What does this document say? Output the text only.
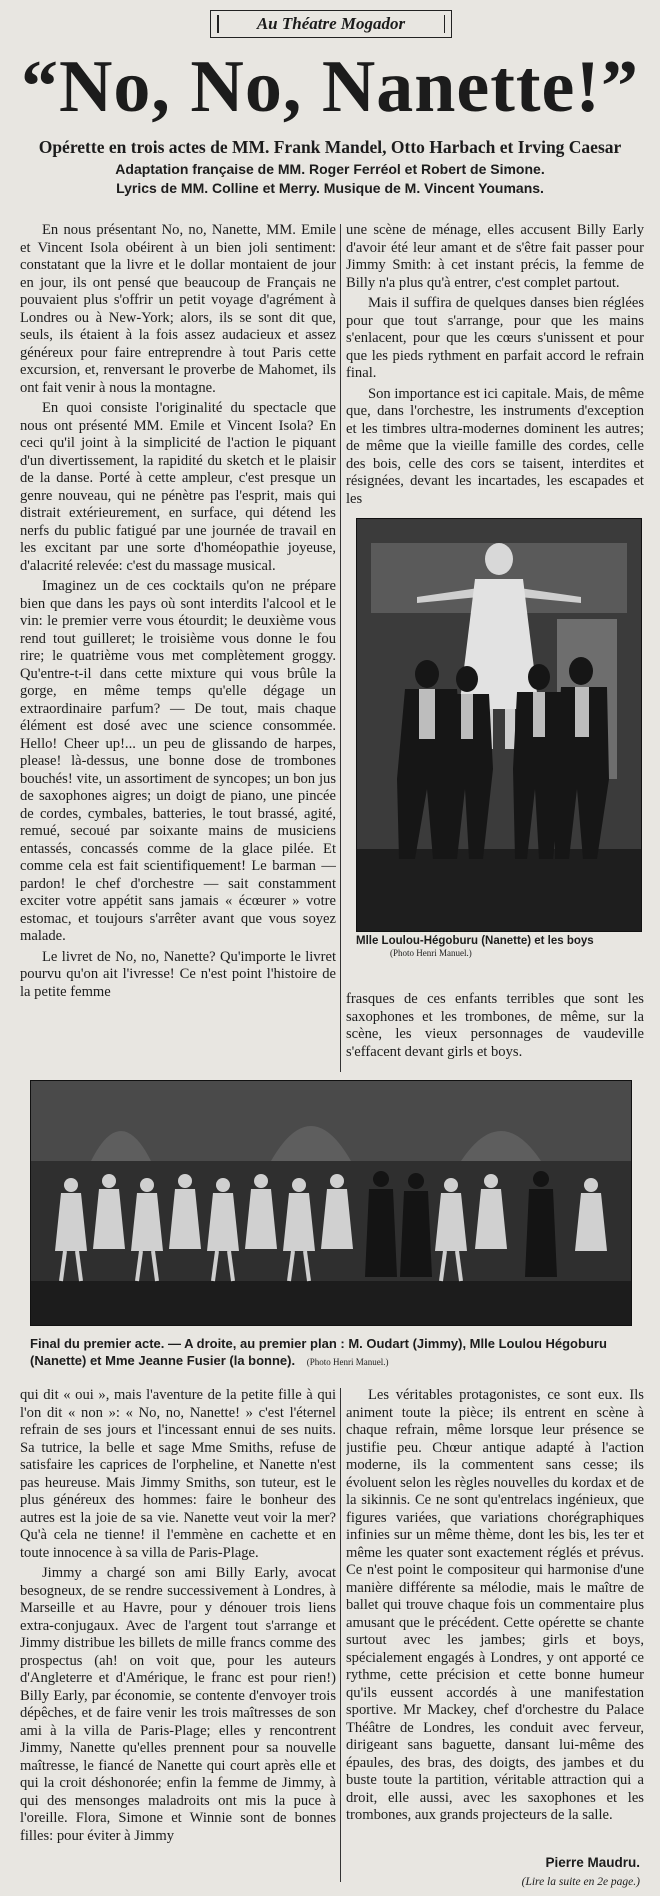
Au Théatre Mogador
“No, No, Nanette!”
Opérette en trois actes de MM. Frank Mandel, Otto Harbach et Irving Caesar
Adaptation française de MM. Roger Ferréol et Robert de Simone.
Lyrics de MM. Colline et Merry. Musique de M. Vincent Youmans.

En nous présentant No, no, Nanette, MM. Emile et Vincent Isola obéirent à un bien joli sentiment: constatant que la livre et le dollar montaient de jour en jour, ils ont pensé que beaucoup de Français ne pouvaient plus s'offrir un petit voyage d'agrément à Londres ou à New-York; alors, ils se sont dit que, seuls, ils étaient à la fois assez audacieux et assez généreux pour faire entreprendre à tout Paris cette excursion, et, renversant le proverbe de Mahomet, ils ont fait venir à nous la montagne.

En quoi consiste l'originalité du spectacle que nous ont présenté MM. Emile et Vincent Isola? En ceci qu'il joint à la simplicité de l'action le piquant d'un divertissement, la rapidité du sketch et le plaisir de la danse. Porté à cette ampleur, c'est presque un genre nouveau, qui ne pénètre pas l'esprit, mais qui distrait extérieurement, en surface, qui détend les nerfs du public fatigué par une journée de travail en les excitant par une sorte d'homéopathie joyeuse, d'alacrité relevée: c'est du massage musical.

Imaginez un de ces cocktails qu'on ne prépare bien que dans les pays où sont interdits l'alcool et le vin: le premier verre vous étourdit; le deuxième vous rend tout guilleret; le troisième vous donne le fou rire; le quatrième vous met complètement groggy. Qu'entre-t-il dans cette mixture qui vous brûle la gorge, en même temps qu'elle dégage un extraordinaire parfum? — De tout, mais chaque élément est dosé avec une science consommée. Hello! Cheer up!... un peu de glissando de harpes, please! là-dessus, une bonne dose de trombones bouchés! vite, un assortiment de syncopes; un bon jus de saxophones aigres; un doigt de piano, une pincée de cordes, cymbales, batteries, le tout brassé, agité, remué, secoué par soixante mains de musiciens entassés, concassés comme de la glace pilée. Et comme cela est fait scientifiquement! Le barman — pardon! le chef d'orchestre — sait constamment exciter votre appétit sans jamais « écœurer » votre estomac, et toujours s'arrêter avant que vous soyez malade.

Le livret de No, no, Nanette? Qu'importe le livret pourvu qu'on ait l'ivresse! Ce n'est point l'histoire de la petite femme

une scène de ménage, elles accusent Billy Early d'avoir été leur amant et de s'être fait passer pour Jimmy Smith: à cet instant précis, la femme de Billy n'a plus qu'à entrer, c'est complet partout.

Mais il suffira de quelques danses bien réglées pour que tout s'arrange, pour que les mains s'enlacent, pour que les cœurs s'unissent et pour que les pieds rythment en parfait accord le refrain final.

Son importance est ici capitale. Mais, de même que, dans l'orchestre, les instruments d'exception et les timbres ultra-modernes dominent les autres; de même que la vieille famille des cordes, celle des bois, celle des cors se taisent, interdites et résignées, devant les incartades, les escapades et les

Mlle Loulou-Hégoburu (Nanette) et les boys
(Photo Henri Manuel.)

frasques de ces enfants terribles que sont les saxophones et les trombones, de même, sur la scène, les vieux personnages de vaudeville s'effacent devant girls et boys.

Final du premier acte. — A droite, au premier plan : M. Oudart (Jimmy), Mlle Loulou Hégoburu (Nanette) et Mme Jeanne Fusier (la bonne). (Photo Henri Manuel.)

qui dit « oui », mais l'aventure de la petite fille à qui l'on dit « non »: « No, no, Nanette! » c'est l'éternel refrain de ses jours et l'incessant ennui de ses nuits. Sa tutrice, la belle et sage Mme Smiths, refuse de satisfaire les caprices de l'orpheline, et Nanette n'est pas heureuse. Mais Jimmy Smiths, son tuteur, est le plus généreux des hommes: faire le bonheur des autres est la joie de sa vie. Nanette veut voir la mer? Qu'à cela ne tienne! il l'emmène en cachette et en toute innocence à sa villa de Paris-Plage.

Jimmy a chargé son ami Billy Early, avocat besogneux, de se rendre successivement à Londres, à Marseille et au Havre, pour y dénouer trois liens extra-conjugaux. Avec de l'argent tout s'arrange et Jimmy distribue les billets de mille francs comme des prospectus (ah! on voit que, pour les auteurs d'Angleterre et d'Amérique, le franc est pour rien!) Billy Early, par économie, se contente d'envoyer trois dépêches, et de faire venir les trois maîtresses de son ami à la villa de Paris-Plage; elles y rencontrent Jimmy, Nanette qu'elles prennent pour sa nouvelle maîtresse, le fiancé de Nanette qui court après elle et qui la croit déshonorée; enfin la femme de Jimmy, à qui des mensonges maladroits ont mis la puce à l'oreille. Flora, Simone et Winnie sont de bonnes filles: pour éviter à Jimmy

Les véritables protagonistes, ce sont eux. Ils animent toute la pièce; ils entrent en scène à chaque refrain, même lorsque leur présence se justifie peu. Chœur antique adapté à l'action moderne, ils la commentent sans cesse; ils évoluent selon les règles nouvelles du kordax et de la sikinnis. Ce ne sont qu'entrelacs ingénieux, que figures variées, que variations chorégraphiques infinies sur un même thème, dont les bis, les ter et même les quater sont exactement réglés et prévus. Ce n'est point le compositeur qui harmonise d'une manière différente sa mélodie, mais le maître de ballet qui trouve chaque fois un commentaire plus amusant que le précédent. Cette opérette se chante surtout avec les jambes; girls et boys, spécialement engagés à Londres, y ont apporté ce rythme, cette précision et cette bonne humeur qu'ils eussent accordés à une manifestation sportive. Mr Mackey, chef d'orchestre du Palace Théâtre de Londres, les conduit avec ferveur, dirigeant sans baguette, dansant lui-même des épaules, des bras, des doigts, des jambes et du buste toute la partition, véritable attraction qui a droit, elle aussi, avec les saxophones et les trombones, aux grands projecteurs de la salle.

Pierre Maudru.
(Lire la suite en 2e page.)
